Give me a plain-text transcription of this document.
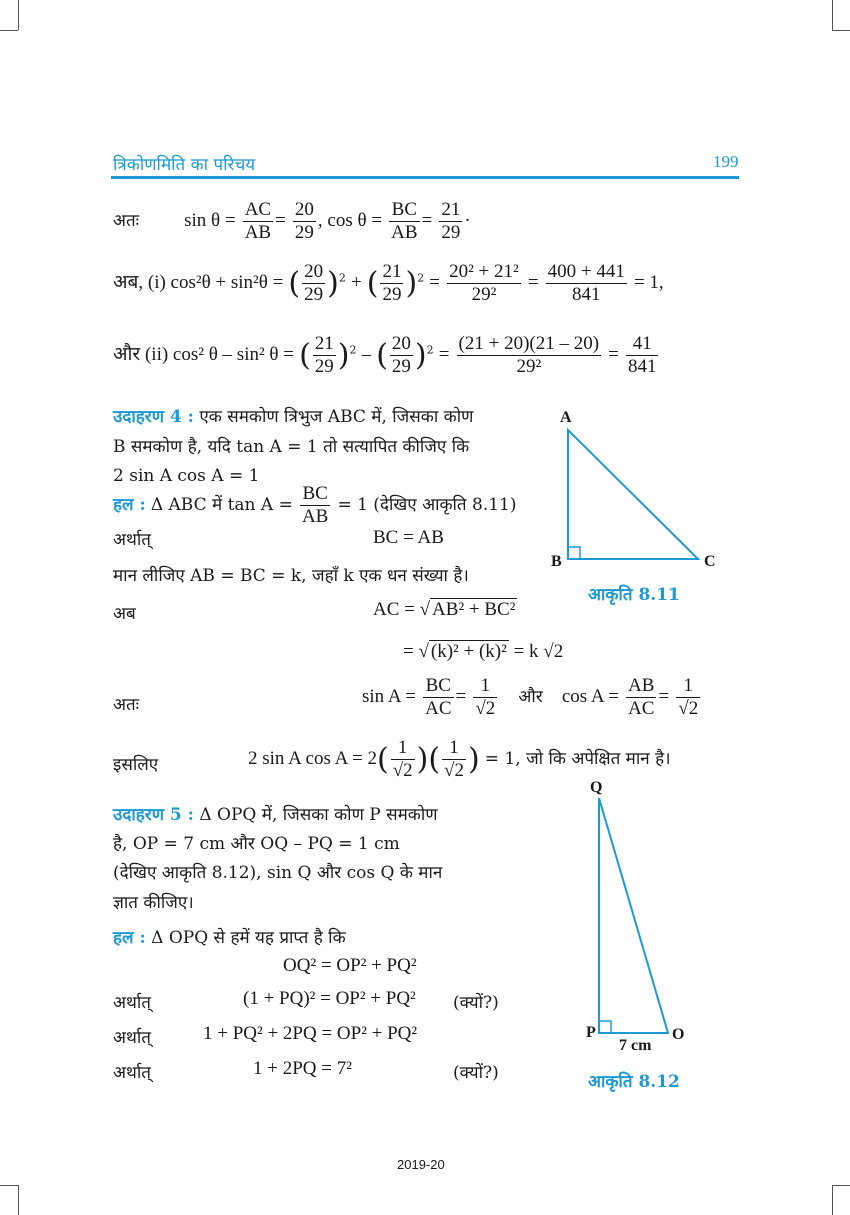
त्रिकोणमिति का परिचय	199
अतः $\sin \theta = \frac{AC}{AB} = \frac{20}{29}$ , $\cos \theta = \frac{BC}{AB} = \frac{21}{29}$ ·
अब, (i) cos²θ + sin²θ = ( $\frac{20}{29} )^2$ + ( $\frac{21}{29} )^2 = \frac{\text{20² + 21²}}{\text{29²}} = \frac{400 + 441}{841} = 1$,
और (ii) cos² θ – sin² θ = ( $\frac{21}{29} )^2$ – ( $\frac{20}{29} )^2 = \frac{(21 + 20)(21 - 20)}{\text{29²}} = \frac{41}{841}$
उदाहरण 4 : एक समकोण त्रिभुज ABC में, जिसका कोण
B समकोण है, यदि tan A = 1 तो सत्यापित कीजिए कि
2 sin A cos A = 1
हल : Δ ABC में $\tan A = \frac{BC}{AB} = 1$ (देखिए आकृति 8.11)
अर्थात्	BC = AB
मान लीजिए AB = BC = k, जहाँ k एक धन संख्या है।
अब	AC = √ AB² + BC²
= √ (k)² + (k)² = k √2
अतः	$\sin A = \frac{BC}{AC} = \frac{1}{√2}$ और $\cos A = \frac{AB}{AC} = \frac{1}{√2}$
इसलिए	2 sin A $\cos A = 2( \frac{1}{√2}$ )( $\frac{1}{√2}$ ) = 1, जो कि अपेक्षित मान है।
उदाहरण 5 : Δ OPQ में, जिसका कोण P समकोण
है, OP = 7 cm और OQ – PQ = 1 cm
(देखिए आकृति 8.12), sin Q और cos Q के मान
ज्ञात कीजिए।
हल : Δ OPQ से हमें यह प्राप्त है कि
OQ² = OP² + PQ²
अर्थात्	(1 + PQ)² = OP² + PQ² (क्यों?)
अर्थात्	1 + PQ² + 2PQ = OP² + PQ²
अर्थात्	1 + 2PQ = 7²	(क्यों?)
A
B	C
आकृति 8.11
Q
P	O
7 cm
आकृति 8.12
2019-20
